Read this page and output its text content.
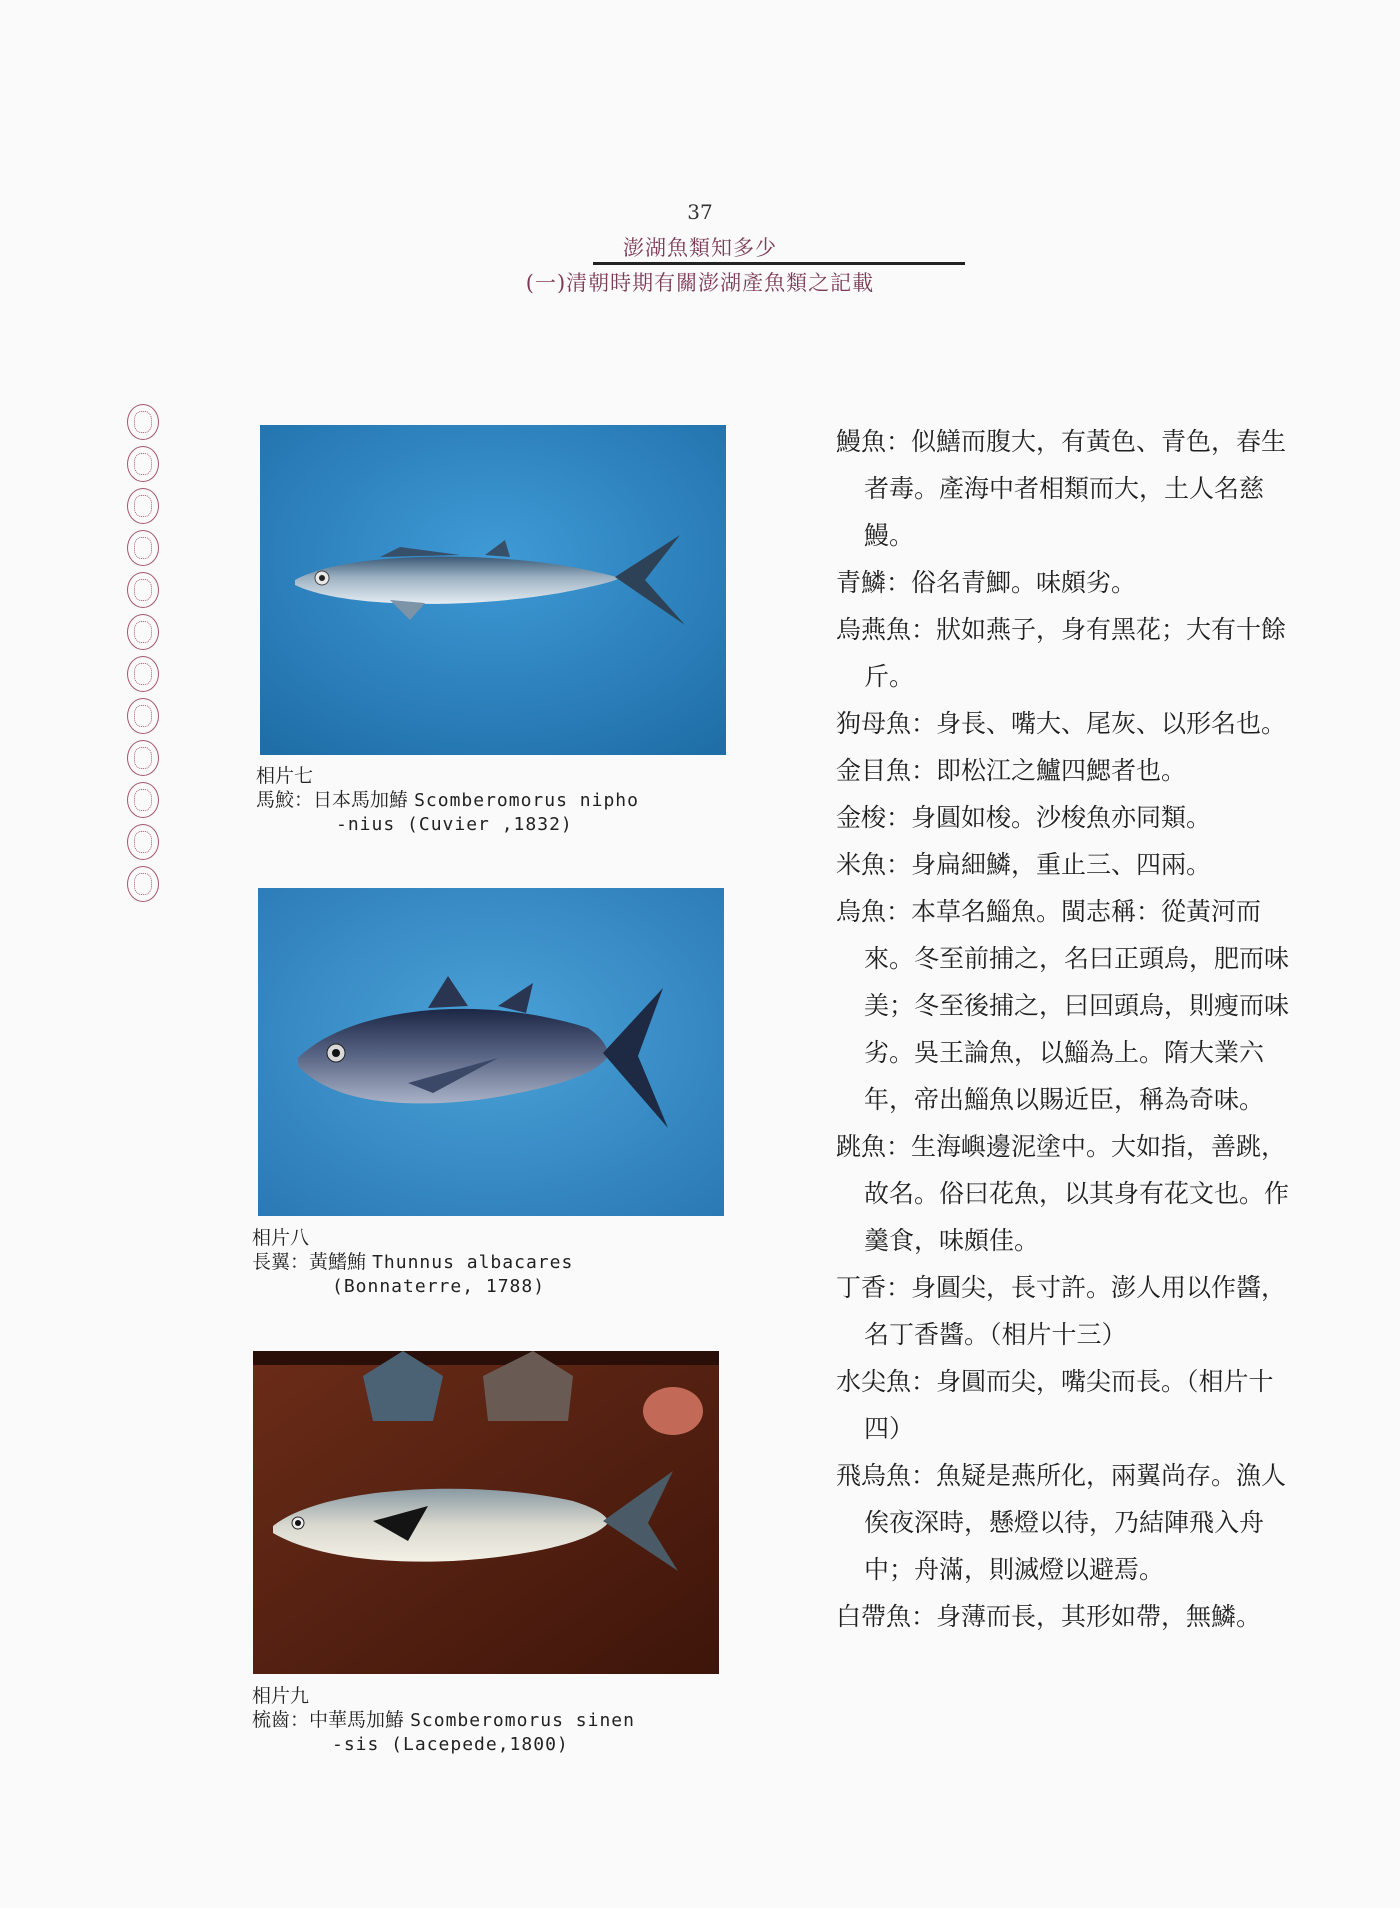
37
澎湖魚類知多少
(一)清朝時期有關澎湖產魚類之記載
相片七
馬鮫：日本馬加鰆 Scomberomorus nipho
-nius (Cuvier ,1832)
相片八
長翼：黃鰭鮪 Thunnus albacares
(Bonnaterre, 1788)
相片九
梳齒：中華馬加鰆 Scomberomorus sinen
-sis (Lacepede,1800)

鰻魚：似鱔而腹大，有黃色、青色，春生者毒。產海中者相類而大，土人名慈鰻。

青鱗：俗名青鯽。味頗劣。

烏燕魚：狀如燕子，身有黑花；大有十餘斤。

狗母魚：身長、嘴大、尾灰、以形名也。

金目魚：即松江之鱸四鰓者也。

金梭：身圓如梭。沙梭魚亦同類。

米魚：身扁細鱗，重止三、四兩。

烏魚：本草名鯔魚。閩志稱：從黃河而來。冬至前捕之，名曰正頭烏，肥而味美；冬至後捕之，曰回頭烏，則瘦而味劣。吳王論魚，以鯔為上。隋大業六年，帝出鯔魚以賜近臣，稱為奇味。

跳魚：生海嶼邊泥塗中。大如指，善跳，故名。俗曰花魚，以其身有花文也。作羹食，味頗佳。

丁香：身圓尖，長寸許。澎人用以作醬，名丁香醬。（相片十三）

水尖魚：身圓而尖，嘴尖而長。（相片十四）

飛烏魚：魚疑是燕所化，兩翼尚存。漁人俟夜深時，懸燈以待，乃結陣飛入舟中；舟滿，則滅燈以避焉。

白帶魚：身薄而長，其形如帶，無鱗。
